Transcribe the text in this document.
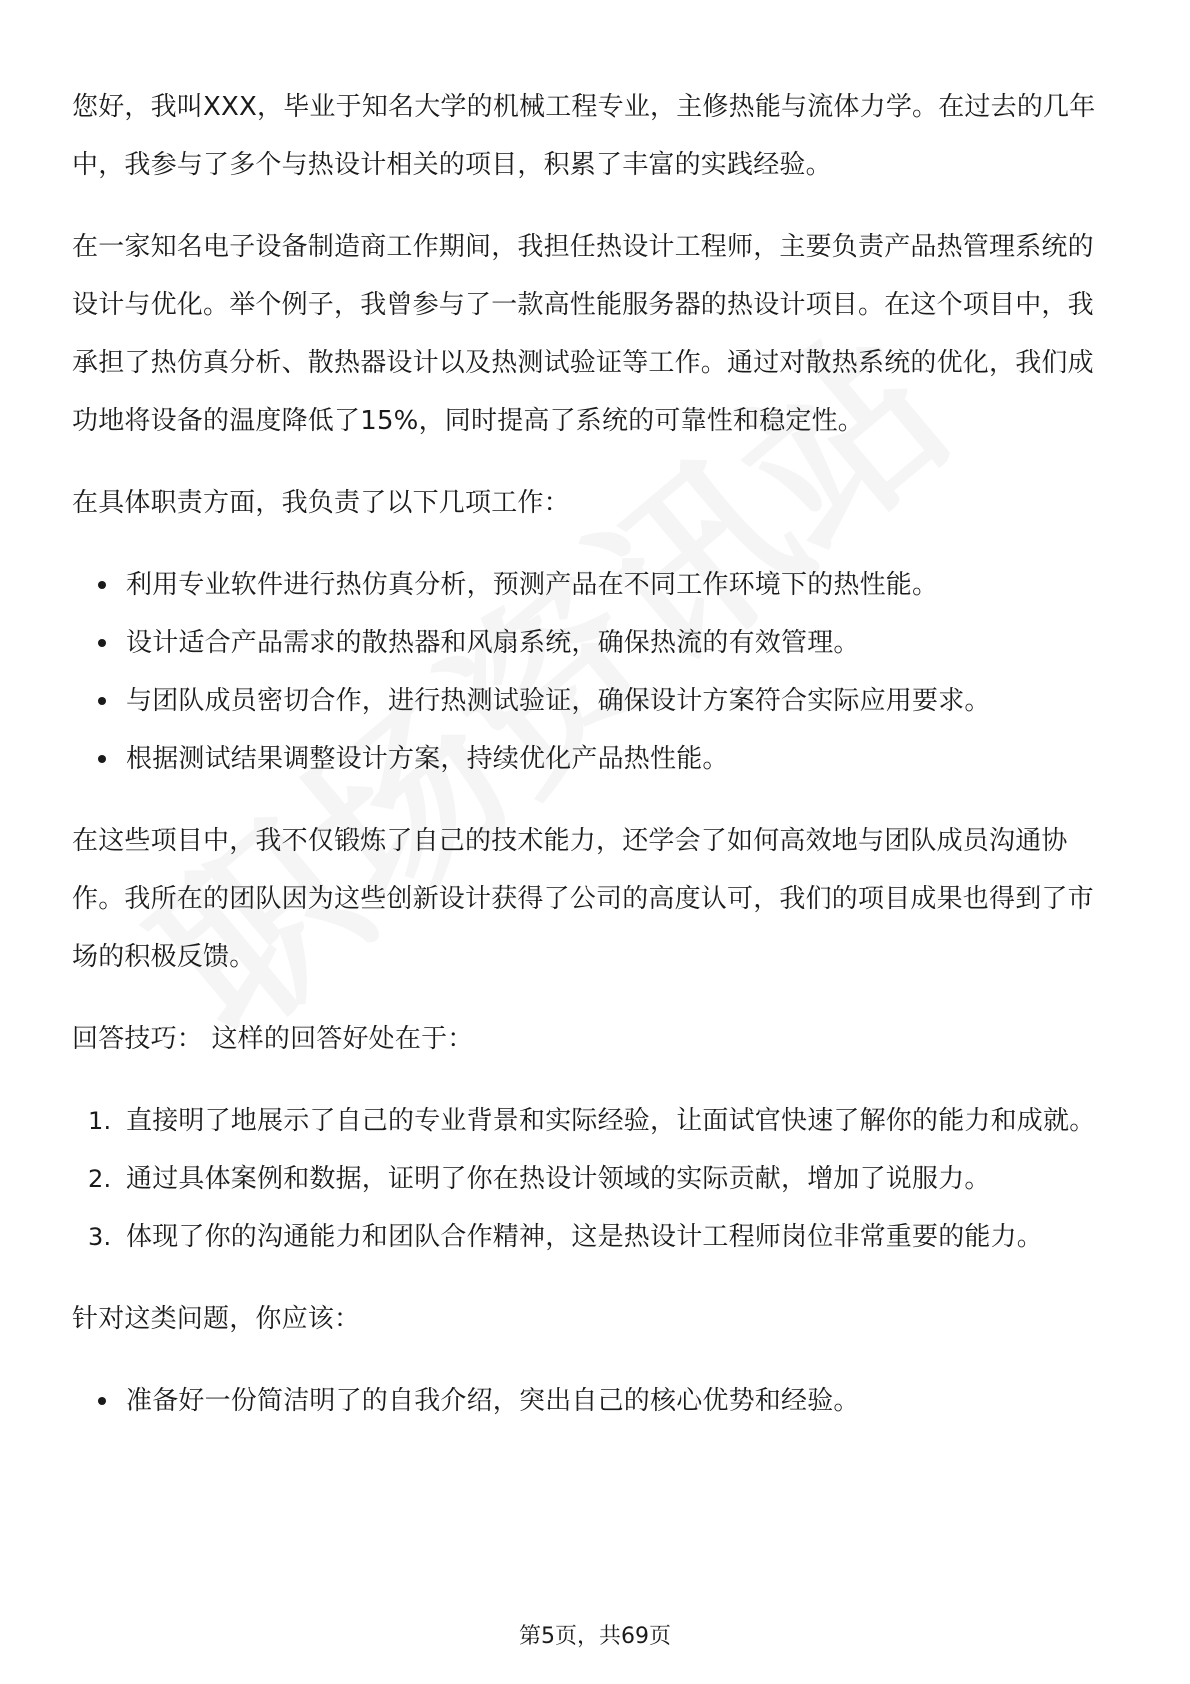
您好，我叫XXX，毕业于知名大学的机械工程专业，主修热能与流体力学。在过去的几年中，我参与了多个与热设计相关的项目，积累了丰富的实践经验。

在一家知名电子设备制造商工作期间，我担任热设计工程师，主要负责产品热管理系统的设计与优化。举个例子，我曾参与了一款高性能服务器的热设计项目。在这个项目中，我承担了热仿真分析、散热器设计以及热测试验证等工作。通过对散热系统的优化，我们成功地将设备的温度降低了15%，同时提高了系统的可靠性和稳定性。

在具体职责方面，我负责了以下几项工作：

利用专业软件进行热仿真分析，预测产品在不同工作环境下的热性能。
设计适合产品需求的散热器和风扇系统，确保热流的有效管理。
与团队成员密切合作，进行热测试验证，确保设计方案符合实际应用要求。
根据测试结果调整设计方案，持续优化产品热性能。

在这些项目中，我不仅锻炼了自己的技术能力，还学会了如何高效地与团队成员沟通协作。我所在的团队因为这些创新设计获得了公司的高度认可，我们的项目成果也得到了市场的积极反馈。

回答技巧： 这样的回答好处在于：

1. 直接明了地展示了自己的专业背景和实际经验，让面试官快速了解你的能力和成就。
2. 通过具体案例和数据，证明了你在热设计领域的实际贡献，增加了说服力。
3. 体现了你的沟通能力和团队合作精神，这是热设计工程师岗位非常重要的能力。

针对这类问题，你应该：

准备好一份简洁明了的自我介绍，突出自己的核心优势和经验。
第5页，共69页
